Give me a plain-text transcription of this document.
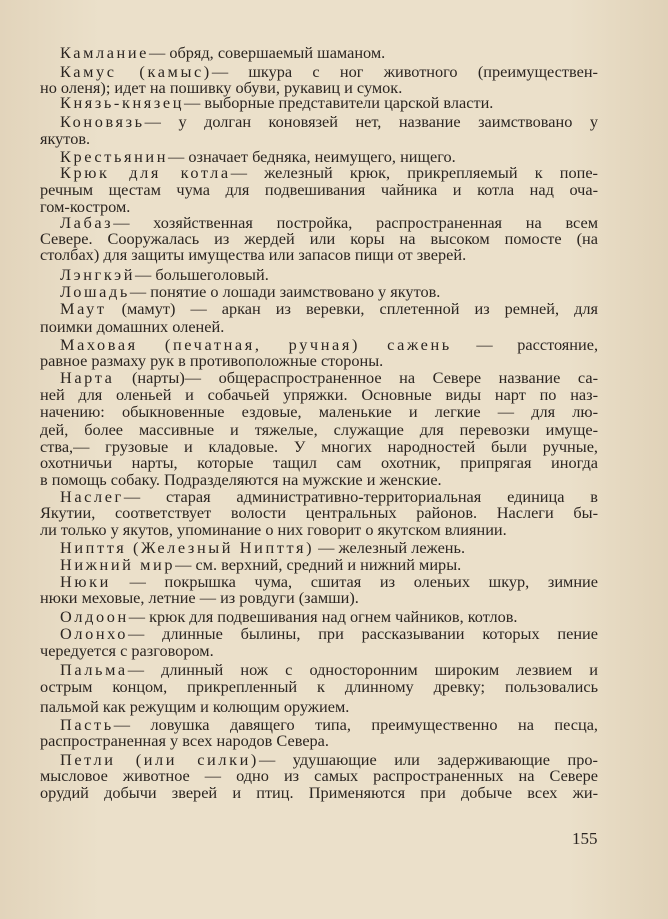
155
Камлание— обряд, совершаемый шаманом.
Камус (камыс)— шкура с ног животного (преимуществен-
но оленя); идет на пошивку обуви, рукавиц и сумок.
Князь-князец— выборные представители царской власти.
Коновязь— у долган коновязей нет, название заимствовано у
якутов.
Крестьянин— означает бедняка, неимущего, нищего.
Крюк для котла— железный крюк, прикрепляемый к попе-
речным щестам чума для подвешивания чайника и котла над оча-
гом-костром.
Лабаз— хозяйственная постройка, распространенная на всем
Севере. Сооружалась из жердей или коры на высоком помосте (на
столбах) для защиты имущества или запасов пищи от зверей.
Лэнгкэй— большеголовый.
Лошадь— понятие о лошади заимствовано у якутов.
Маут (мамут) — аркан из веревки, сплетенной из ремней, для
поимки домашних оленей.
Маховая (печатная, ручная) сажень — расстояние,
равное размаху рук в противоположные стороны.
Нарта (нарты)— общераспространенное на Севере название са-
ней для оленьей и собачьей упряжки. Основные виды нарт по наз-
начению: обыкновенные ездовые, маленькие и легкие — для лю-
дей, более массивные и тяжелые, служащие для перевозки имуще-
ства,— грузовые и кладовые. У многих народностей были ручные,
охотничьи нарты, которые тащил сам охотник, припрягая иногда
в помощь собаку. Подразделяются на мужские и женские.
Наслег— старая административно-территориальная единица в
Якутии, соответствует волости центральных районов. Наслеги бы-
ли только у якутов, упоминание о них говорит о якутском влиянии.
Нипття (Железный Нипття) — железный лежень.
Нижний мир— см. верхний, средний и нижний миры.
Нюки — покрышка чума, сшитая из оленьих шкур, зимние
нюки меховые, летние — из ровдуги (замши).
Олдоон— крюк для подвешивания над огнем чайников, котлов.
Олонхо— длинные былины, при рассказывании которых пение
чередуется с разговором.
Пальма— длинный нож с односторонним широким лезвием и
острым концом, прикрепленный к длинному древку; пользовались
пальмой как режущим и колющим оружием.
Пасть— ловушка давящего типа, преимущественно на песца,
распространенная у всех народов Севера.
Петли (или силки)— удушающие или задерживающие про-
мысловое животное — одно из самых распространенных на Севере
орудий добычи зверей и птиц. Применяются при добыче всех жи-
